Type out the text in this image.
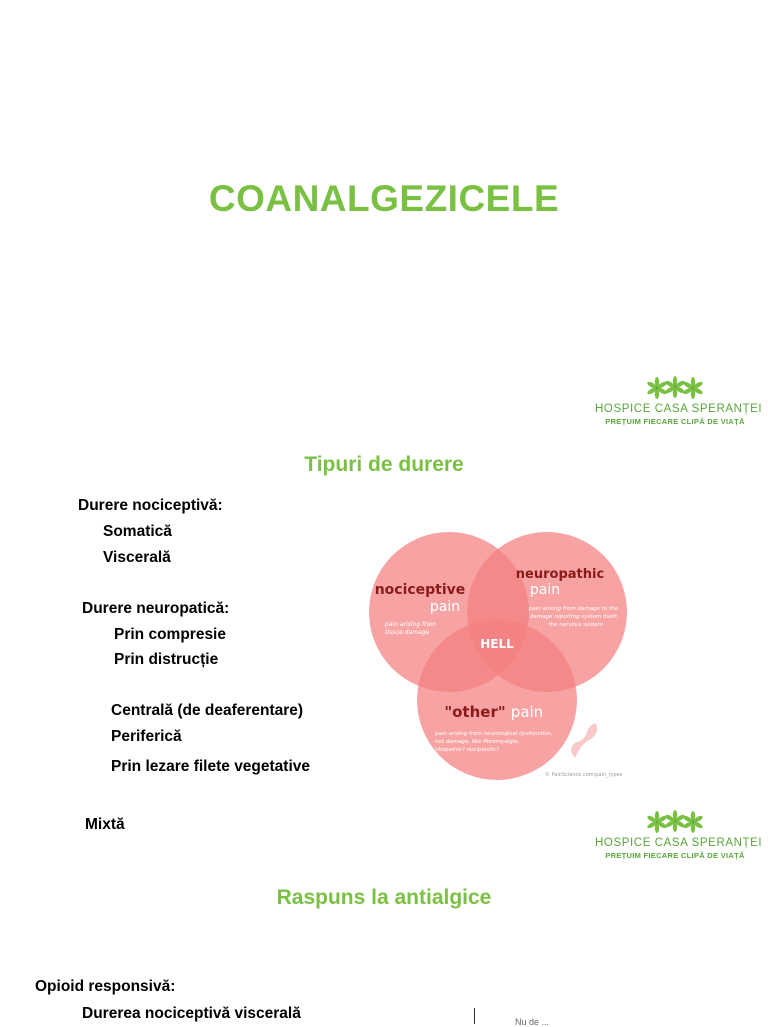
COANALGEZICELE
HOSPICE CASA SPERANȚEI
PREȚUIM FIECARE CLIPĂ DE VIAȚĂ
Tipuri de durere
Durere nociceptivă:
Somatică
Viscerală
Durere neuropatică:
Prin compresie
Prin distrucție
Centrală (de deaferentare)
Periferică
Prin lezare filete vegetative
Mixtă
nociceptive
pain
pain arising from
tissue damage
neuropathic
pain
pain arising from damage to the
damage reporting system itself,
the nervous system
HELL
"other" pain
pain arising from neurological dysfunction,
not damage, like fibromyalgia,
idiopathic? nociplastic?
© PainScience.com/pain_types
HOSPICE CASA SPERANȚEI
PREȚUIM FIECARE CLIPĂ DE VIAȚĂ
Raspuns la antialgice
Opioid responsivă:
Durerea nociceptivă viscerală	Nu de ...
